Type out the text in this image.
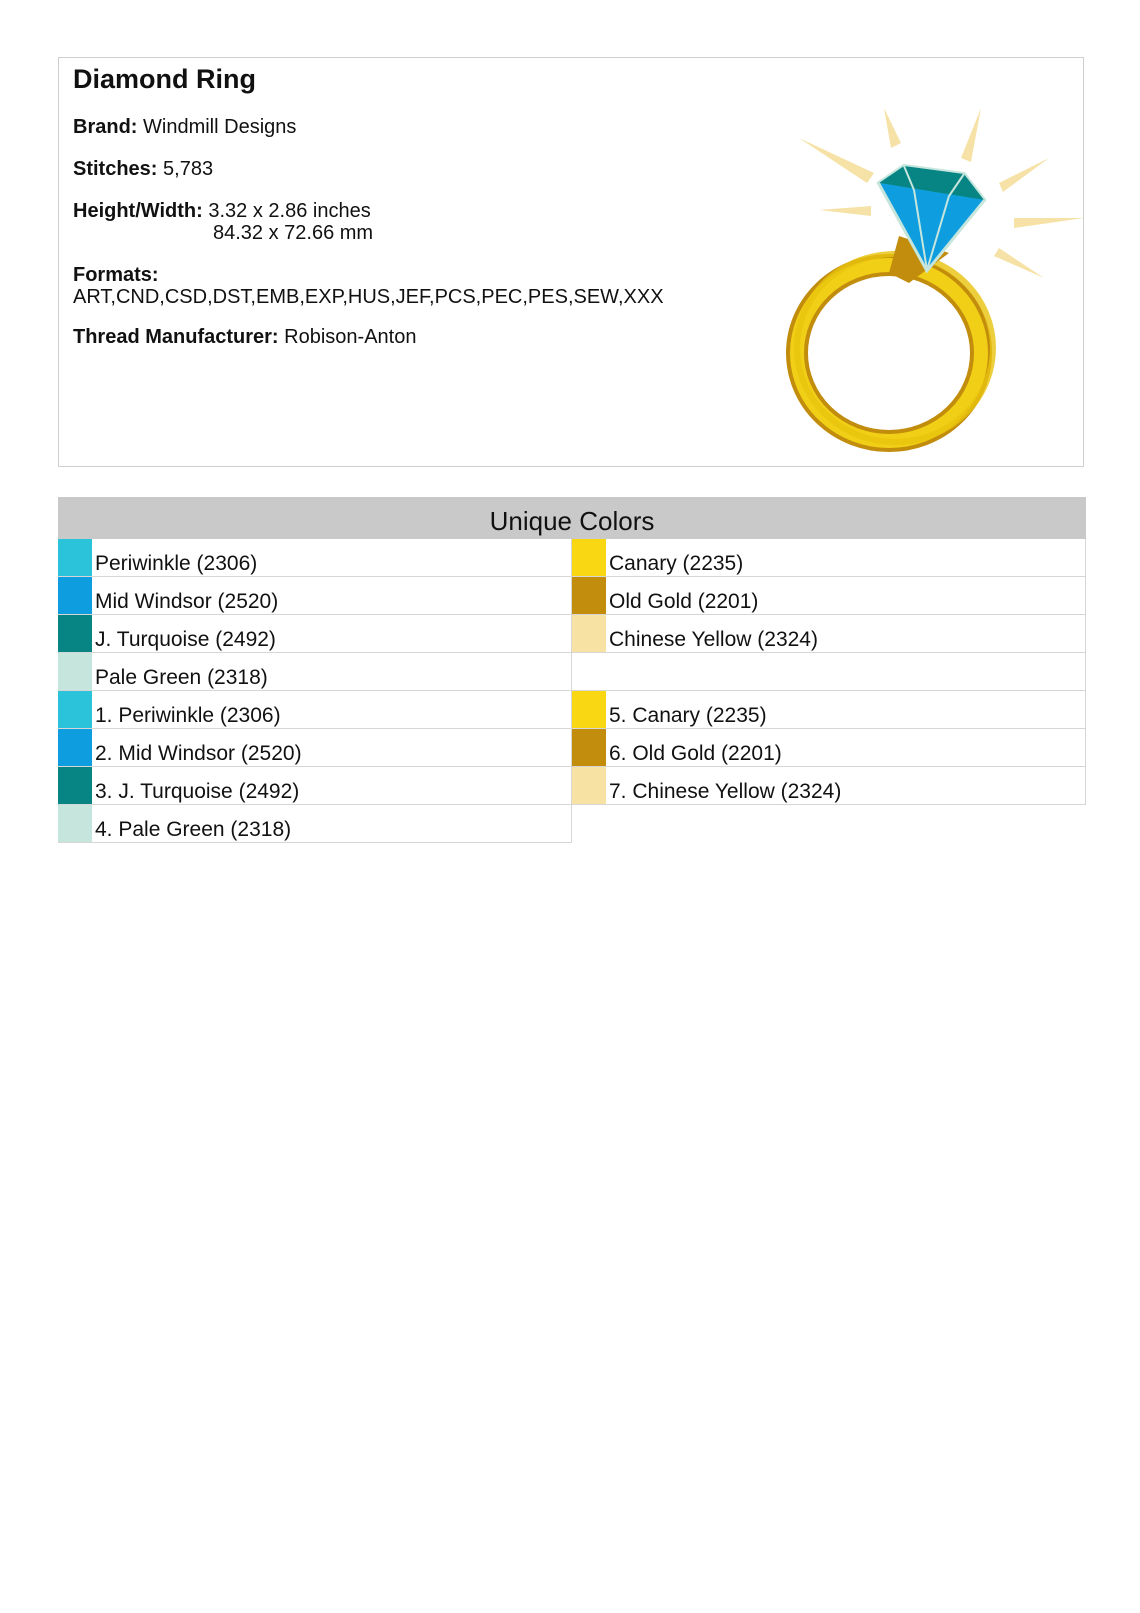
Diamond Ring
Brand: Windmill Designs
Stitches: 5,783
Height/Width: 3.32 x 2.86 inches
84.32 x 72.66 mm
Formats:
ART,CND,CSD,DST,EMB,EXP,HUS,JEF,PCS,PEC,PES,SEW,XXX
Thread Manufacturer: Robison-Anton
Unique Colors
Periwinkle (2306)	Canary (2235)
Mid Windsor (2520)	Old Gold (2201)
J. Turquoise (2492)	Chinese Yellow (2324)
Pale Green (2318)
1. Periwinkle (2306)	5. Canary (2235)
2. Mid Windsor (2520)	6. Old Gold (2201)
3. J. Turquoise (2492)	7. Chinese Yellow (2324)
4. Pale Green (2318)
